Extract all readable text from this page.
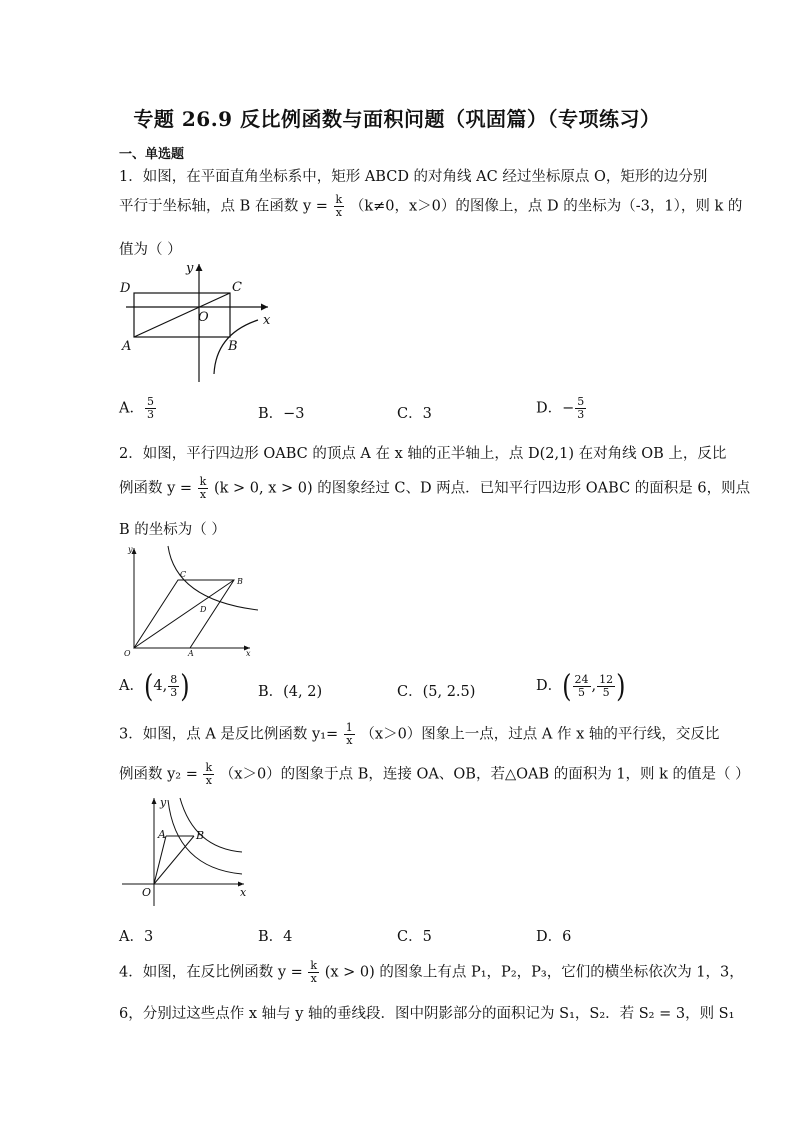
专题 26.9 反比例函数与面积问题（巩固篇）（专项练习）
一、单选题
1．如图，在平面直角坐标系中，矩形 ABCD 的对角线 AC 经过坐标原点 O，矩形的边分别
平行于坐标轴，点 B 在函数 $y = \frac{k}{x} (k\ne 0$，x＞0）的图像上，点 D 的坐标为（-3，1），则 k 的
值为（ ）
D	C
A	B
O	x
y
A． $\frac{5}{3}$	B．−3	C．3	D．− $\frac{5}{3}$
2．如图，平行四边形 OABC 的顶点 A 在 x 轴的正半轴上，点 D(2,1) 在对角线 OB 上，反比
例函数 $y = \frac{k}{x} (k > 0$, x > 0) 的图象经过 C、D 两点．已知平行四边形 OABC 的面积是 6，则点
B 的坐标为（ ）
C
B
D
O	A	x
y
A．(4, $\frac{8}{3}$ )	B．(4, 2)	C．(5, 2.5)	D．( $\frac{24}{5}$ , $\frac{12}{5}$ )
3．如图，点 A 是反比例函数 $y_1= \frac{1}{x} (x>0)$图象上一点，过点 A 作 x 轴的平行线，交反比
例函数 $y_2 = \frac{k}{x} (x>0)$的图象于点 B，连接 OA、OB，若△OAB 的面积为 1，则 k 的值是（ ）
A	B
O	x
y
A．3	B．4	C．5	D．6
4．如图，在反比例函数 $y = \frac{k}{x} (x > 0)$ 的图象上有点 P₁，P₂，P₃，它们的横坐标依次为 1，3，
6，分别过这些点作 x 轴与 y 轴的垂线段．图中阴影部分的面积记为 S₁，S₂．若 S₂ = 3，则 S₁
